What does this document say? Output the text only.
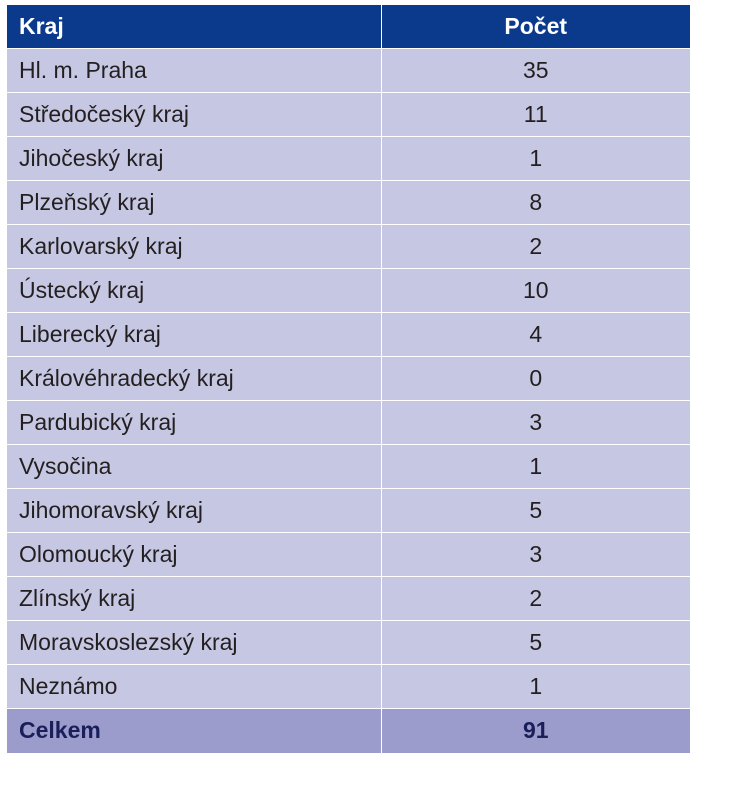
Kraj	Počet
Hl. m. Praha	35
Středočeský kraj	11
Jihočeský kraj	1
Plzeňský kraj	8
Karlovarský kraj	2
Ústecký kraj	10
Liberecký kraj	4
Královéhradecký kraj	0
Pardubický kraj	3
Vysočina	1
Jihomoravský kraj	5
Olomoucký kraj	3
Zlínský kraj	2
Moravskoslezský kraj	5
Neznámo	1
Celkem	91
